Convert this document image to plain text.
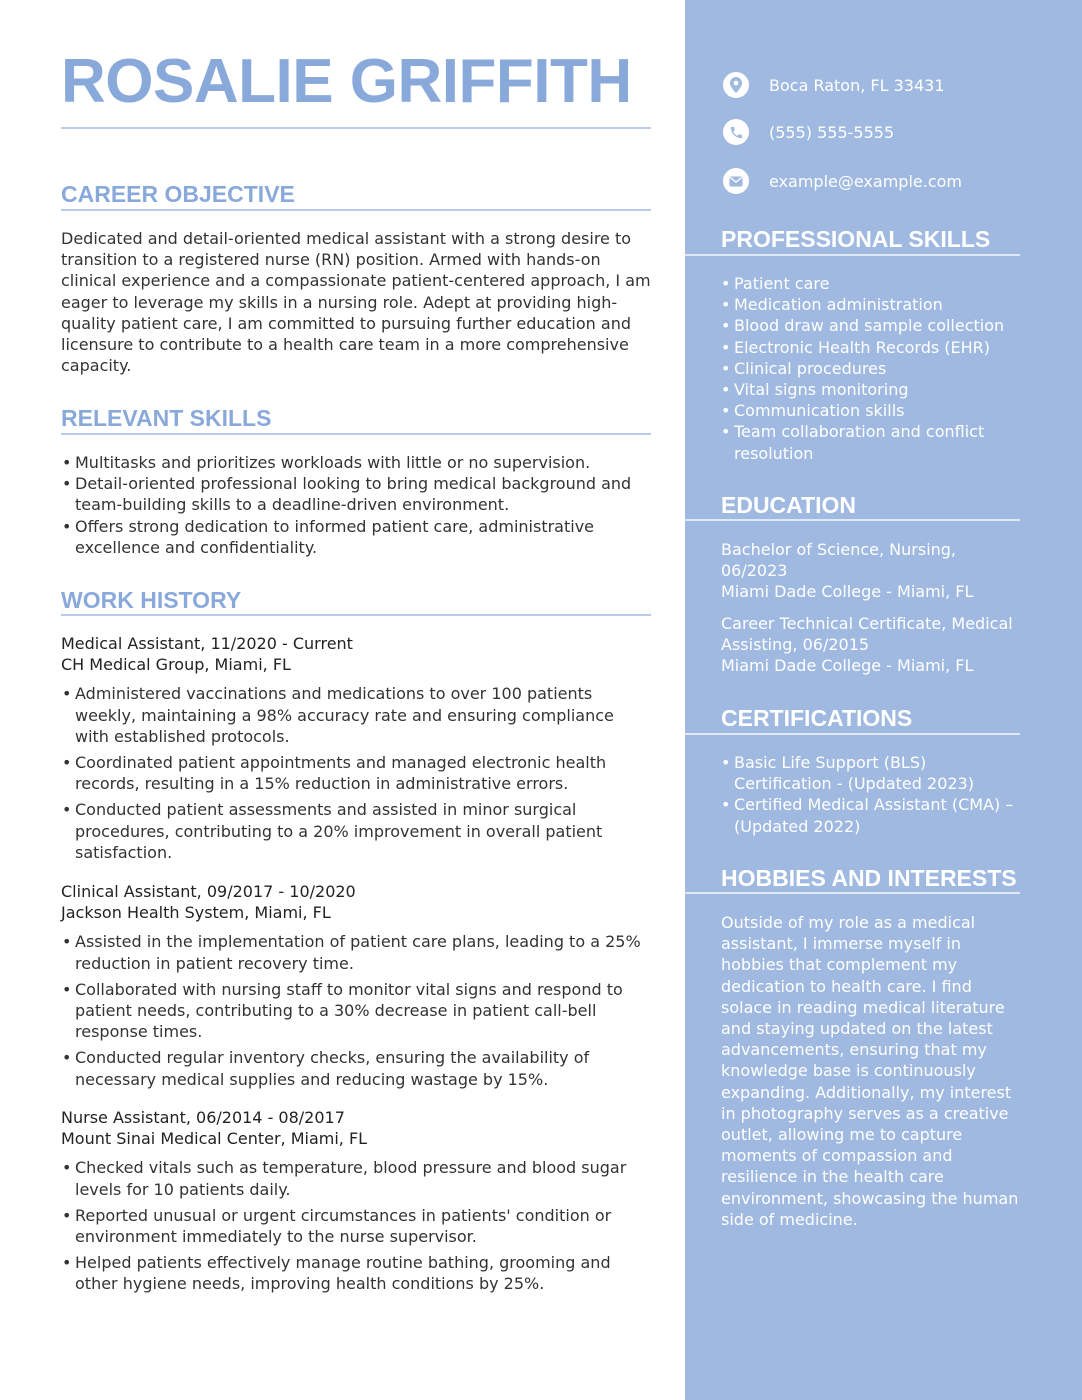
ROSALIE GRIFFITH
CAREER OBJECTIVE

Dedicated and detail-oriented medical assistant with a strong desire to transition to a registered nurse (RN) position. Armed with hands-on clinical experience and a compassionate patient-centered approach, I am eager to leverage my skills in a nursing role. Adept at providing high-quality patient care, I am committed to pursuing further education and licensure to contribute to a health care team in a more comprehensive capacity.

RELEVANT SKILLS
• Multitasks and prioritizes workloads with little or no supervision.
• Detail-oriented professional looking to bring medical background and team-building skills to a deadline-driven environment.
• Offers strong dedication to informed patient care, administrative excellence and confidentiality.
WORK HISTORY
Medical Assistant, 11/2020 - Current
CH Medical Group, Miami, FL
• Administered vaccinations and medications to over 100 patients weekly, maintaining a 98% accuracy rate and ensuring compliance with established protocols.
• Coordinated patient appointments and managed electronic health records, resulting in a 15% reduction in administrative errors.
• Conducted patient assessments and assisted in minor surgical procedures, contributing to a 20% improvement in overall patient satisfaction.
Clinical Assistant, 09/2017 - 10/2020
Jackson Health System, Miami, FL
• Assisted in the implementation of patient care plans, leading to a 25% reduction in patient recovery time.
• Collaborated with nursing staff to monitor vital signs and respond to patient needs, contributing to a 30% decrease in patient call-bell response times.
• Conducted regular inventory checks, ensuring the availability of necessary medical supplies and reducing wastage by 15%.
Nurse Assistant, 06/2014 - 08/2017
Mount Sinai Medical Center, Miami, FL
• Checked vitals such as temperature, blood pressure and blood sugar levels for 10 patients daily.
• Reported unusual or urgent circumstances in patients' condition or environment immediately to the nurse supervisor.
• Helped patients effectively manage routine bathing, grooming and other hygiene needs, improving health conditions by 25%.
Boca Raton, FL 33431
(555) 555-5555
example@example.com
PROFESSIONAL SKILLS
• Patient care
• Medication administration
• Blood draw and sample collection
• Electronic Health Records (EHR)
• Clinical procedures
• Vital signs monitoring
• Communication skills
• Team collaboration and conflict resolution
EDUCATION
Bachelor of Science, Nursing, 06/2023
Miami Dade College - Miami, FL
Career Technical Certificate, Medical Assisting, 06/2015
Miami Dade College - Miami, FL
CERTIFICATIONS
• Basic Life Support (BLS) Certification - (Updated 2023)
• Certified Medical Assistant (CMA) – (Updated 2022)
HOBBIES AND INTERESTS

Outside of my role as a medical assistant, I immerse myself in hobbies that complement my dedication to health care. I find solace in reading medical literature and staying updated on the latest advancements, ensuring that my knowledge base is continuously expanding. Additionally, my interest in photography serves as a creative outlet, allowing me to capture moments of compassion and resilience in the health care environment, showcasing the human side of medicine.
